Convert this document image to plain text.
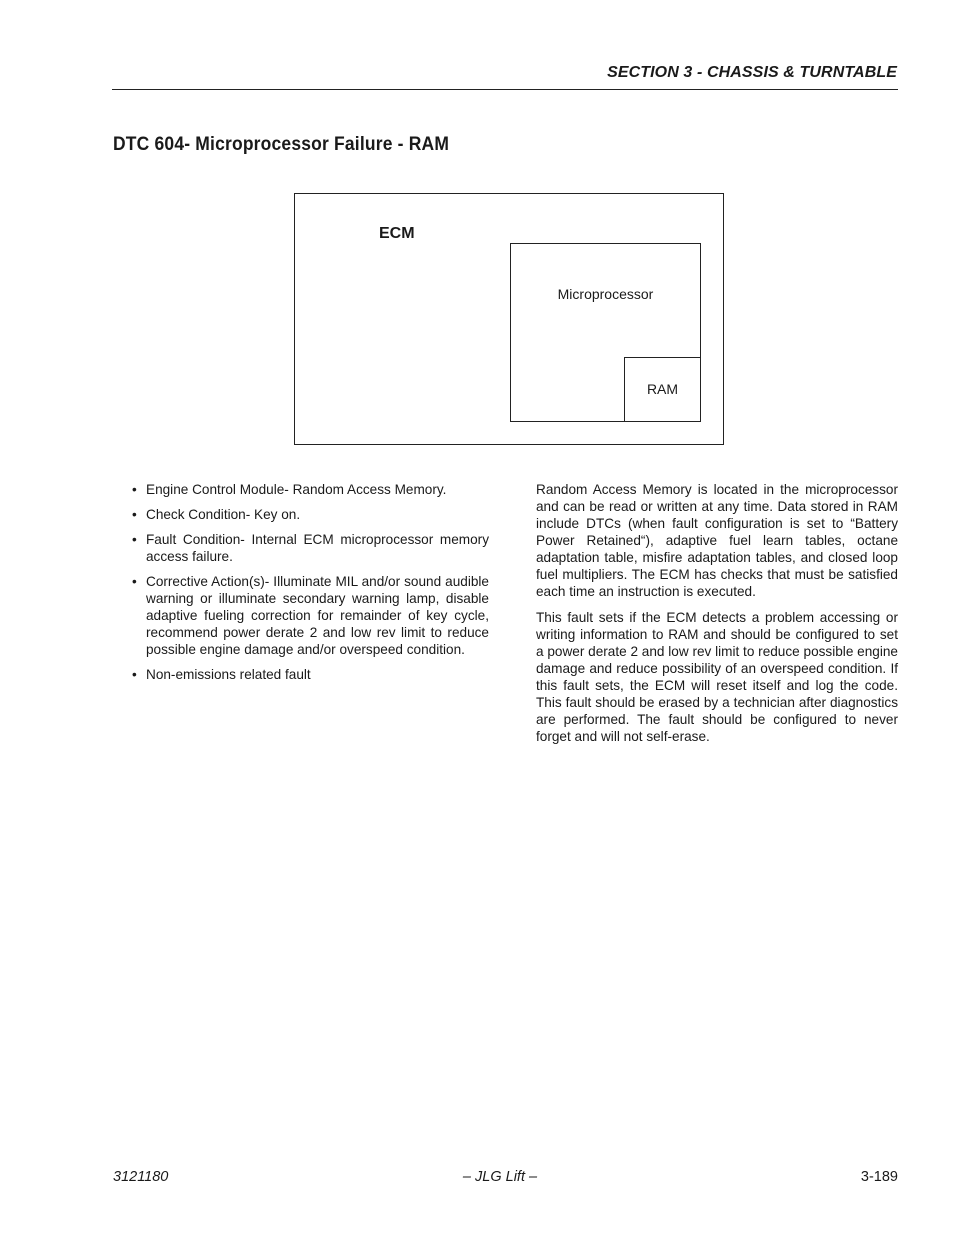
SECTION 3 - CHASSIS & TURNTABLE
DTC 604- Microprocessor Failure - RAM
ECM
Microprocessor
RAM
• Engine Control Module- Random Access Memory.
• Check Condition- Key on.
• Fault Condition- Internal ECM microprocessor memory access failure.
• Corrective Action(s)- Illuminate MIL and/or sound audible warning or illuminate secondary warning lamp, disable adaptive fueling correction for remainder of key cycle, recommend power derate 2 and low rev limit to reduce possible engine damage and/or overspeed condition.
• Non-emissions related fault

Random Access Memory is located in the microprocessor and can be read or written at any time. Data stored in RAM include DTCs (when fault configuration is set to “Battery Power Retained“), adaptive fuel learn tables, octane adaptation table, misfire adaptation tables, and closed loop fuel multipliers. The ECM has checks that must be satisfied each time an instruction is executed.

This fault sets if the ECM detects a problem accessing or writing information to RAM and should be configured to set a power derate 2 and low rev limit to reduce possible engine damage and reduce possibility of an overspeed condition. If this fault sets, the ECM will reset itself and log the code. This fault should be erased by a technician after diagnostics are performed. The fault should be configured to never forget and will not self-erase.

3121180	– JLG Lift –	3-189
